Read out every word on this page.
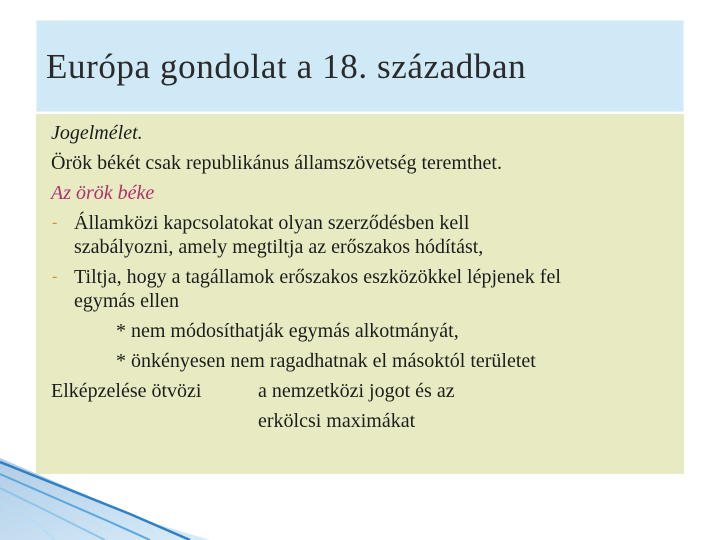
Európa gondolat a 18. században
Jogelmélet.
Örök békét csak republikánus államszövetség teremthet.
Az örök béke
- Államközi kapcsolatokat olyan szerződésben kell
szabályozni, amely megtiltja az erőszakos hódítást,
- Tiltja, hogy a tagállamok erőszakos eszközökkel lépjenek fel
egymás ellen
* nem módosíthatják egymás alkotmányát,
* önkényesen nem ragadhatnak el másoktól területet
Elképzelése ötvözi	a nemzetközi jogot és az
erkölcsi maximákat
